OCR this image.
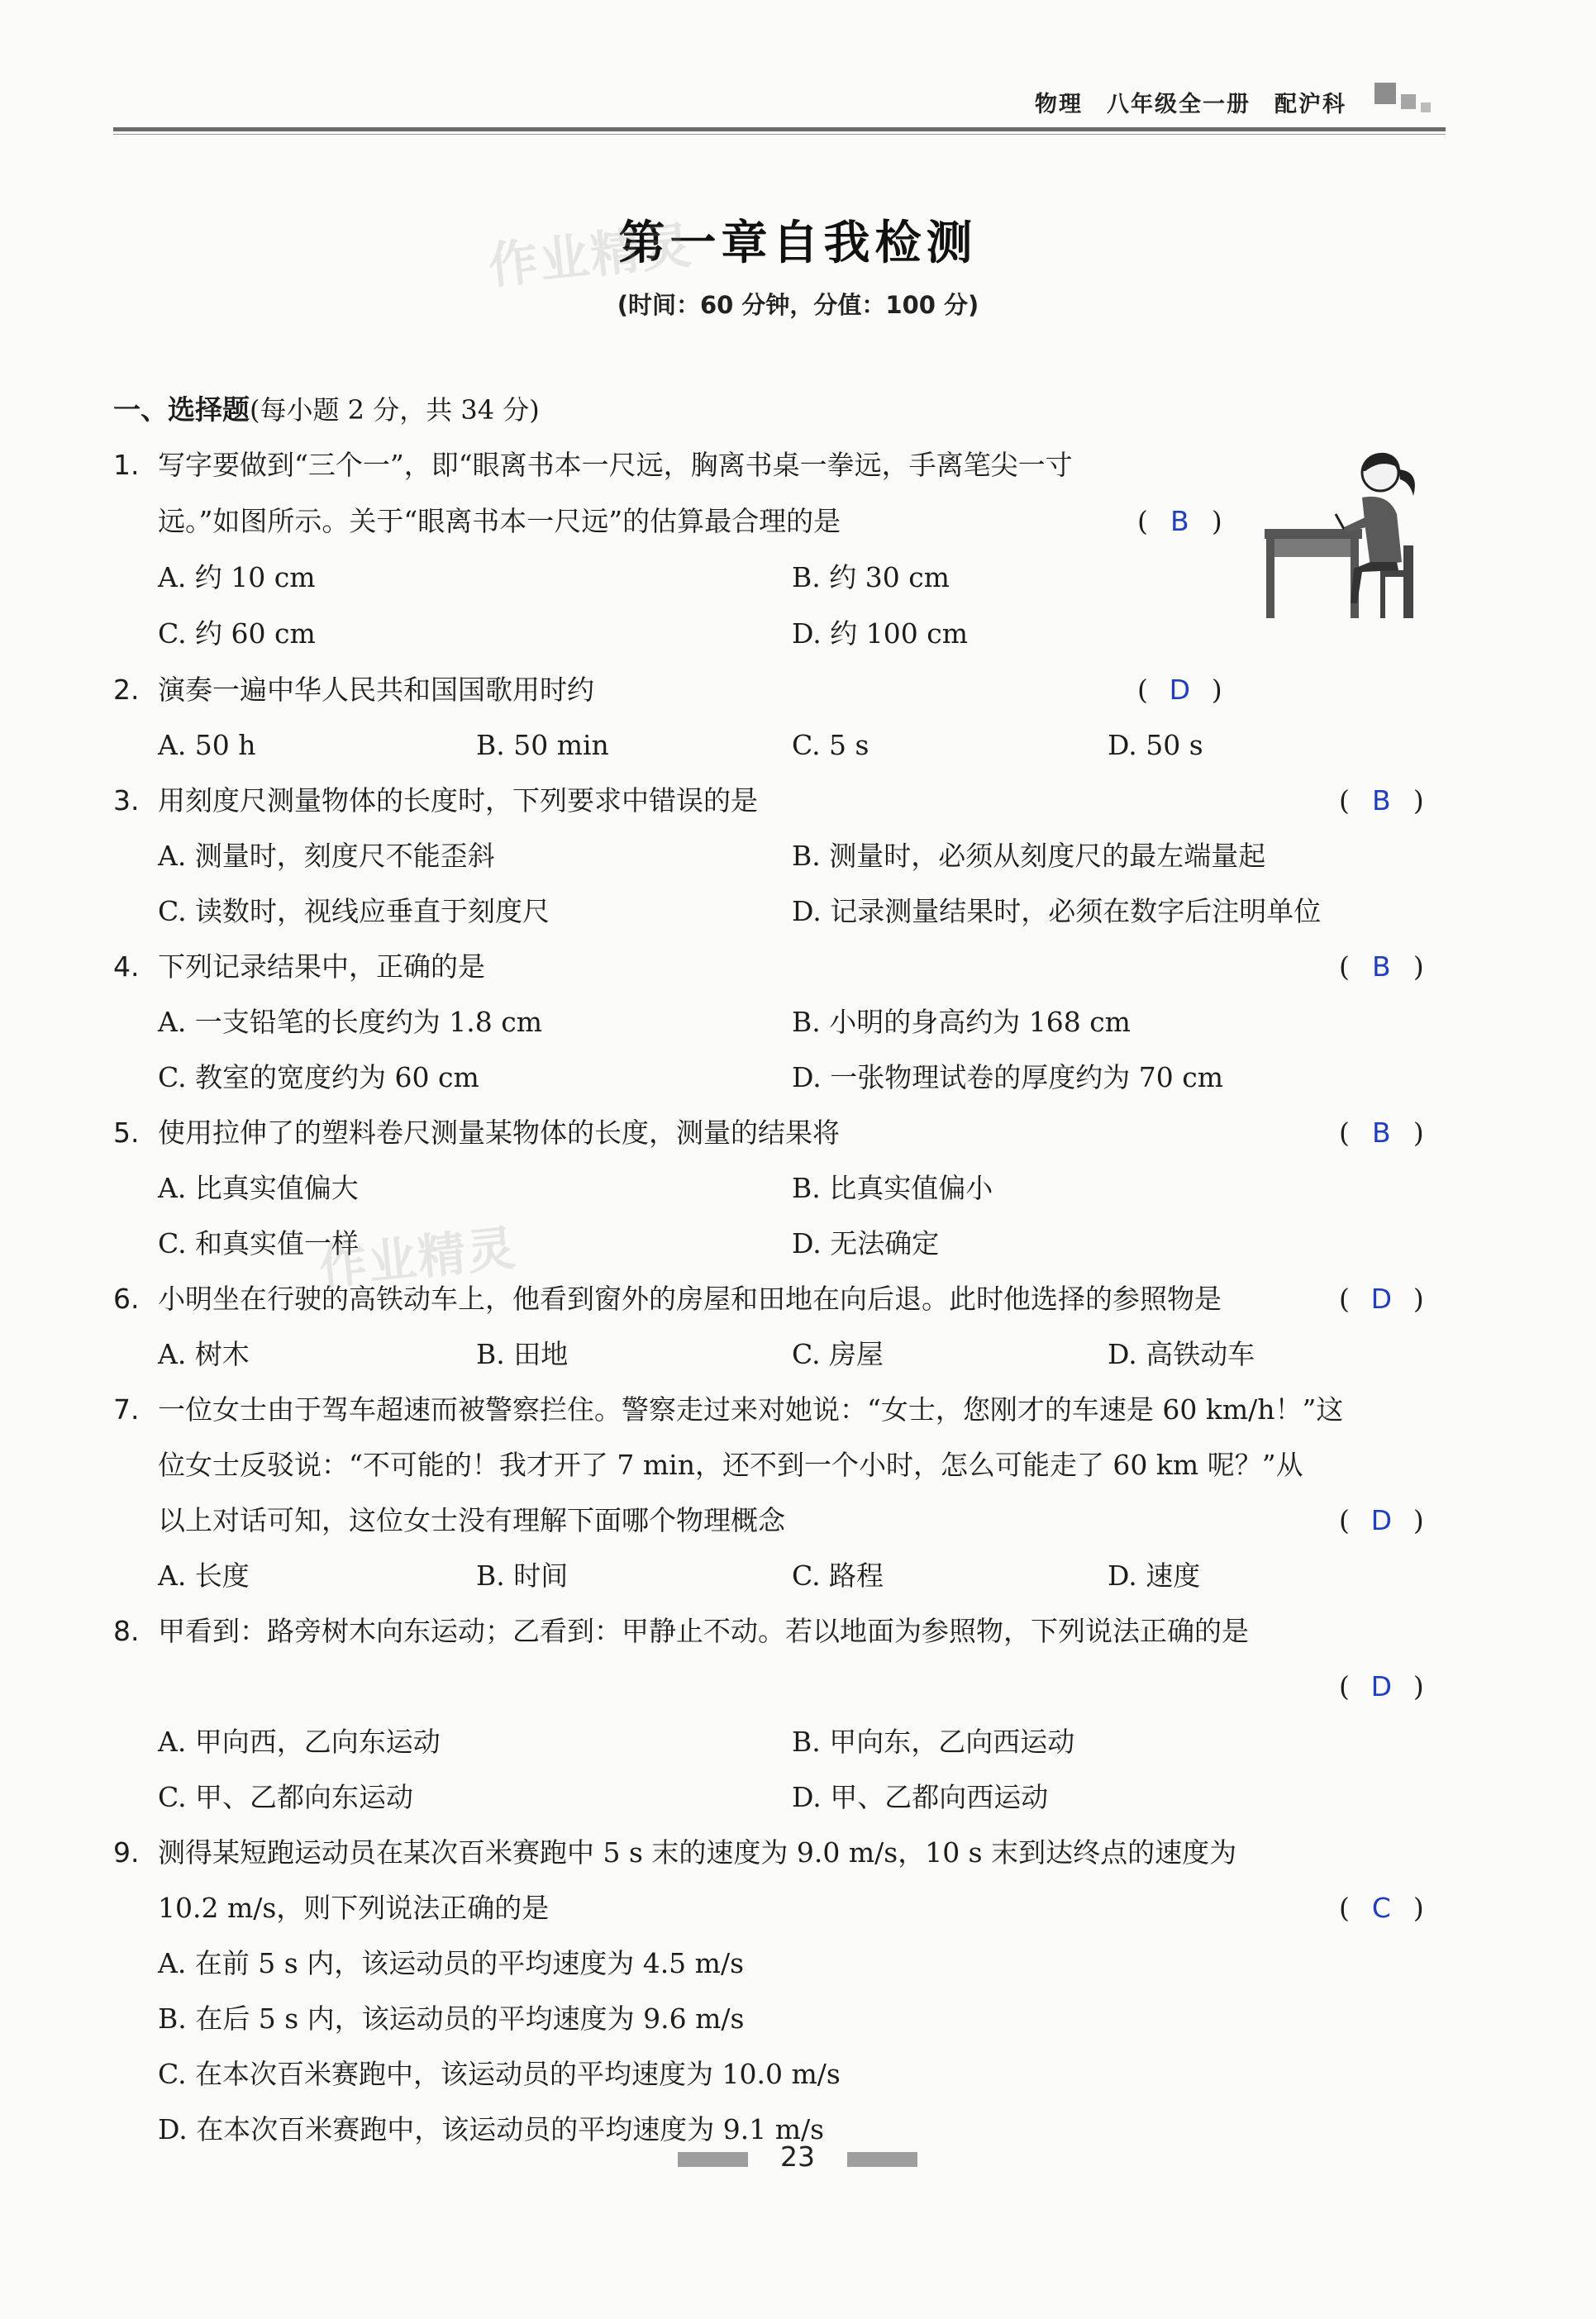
物理　八年级全一册　配沪科
第一章自我检测
(时间：60 分钟，分值：100 分)
作业精灵
作业精灵
一、选择题(每小题 2 分，共 34 分)
1. 写字要做到“三个一”，即“眼离书本一尺远，胸离书桌一拳远，手离笔尖一寸
远。”如图所示。关于“眼离书本一尺远”的估算最合理的是	( B )
A. 约 10 cm	B. 约 30 cm
C. 约 60 cm	D. 约 100 cm
2. 演奏一遍中华人民共和国国歌用时约	( D )
A. 50 h	B. 50 min	C. 5 s	D. 50 s
3. 用刻度尺测量物体的长度时，下列要求中错误的是	( B )
A. 测量时，刻度尺不能歪斜	B. 测量时，必须从刻度尺的最左端量起
C. 读数时，视线应垂直于刻度尺	D. 记录测量结果时，必须在数字后注明单位
4. 下列记录结果中，正确的是	( B )
A. 一支铅笔的长度约为 1.8 cm	B. 小明的身高约为 168 cm
C. 教室的宽度约为 60 cm	D. 一张物理试卷的厚度约为 70 cm
5. 使用拉伸了的塑料卷尺测量某物体的长度，测量的结果将	( B )
A. 比真实值偏大	B. 比真实值偏小
C. 和真实值一样	D. 无法确定
6. 小明坐在行驶的高铁动车上，他看到窗外的房屋和田地在向后退。此时他选择的参照物是	( D )
A. 树木	B. 田地	C. 房屋	D. 高铁动车
7. 一位女士由于驾车超速而被警察拦住。警察走过来对她说：“女士，您刚才的车速是 60 km/h！”这
位女士反驳说：“不可能的！我才开了 7 min，还不到一个小时，怎么可能走了 60 km 呢？”从
以上对话可知，这位女士没有理解下面哪个物理概念	( D )
A. 长度	B. 时间	C. 路程	D. 速度
8. 甲看到：路旁树木向东运动；乙看到：甲静止不动。若以地面为参照物，下列说法正确的是
( D )
A. 甲向西，乙向东运动	B. 甲向东，乙向西运动
C. 甲、乙都向东运动	D. 甲、乙都向西运动
9. 测得某短跑运动员在某次百米赛跑中 5 s 末的速度为 9.0 m/s，10 s 末到达终点的速度为
10.2 m/s，则下列说法正确的是	( C )
A. 在前 5 s 内，该运动员的平均速度为 4.5 m/s
B. 在后 5 s 内，该运动员的平均速度为 9.6 m/s
C. 在本次百米赛跑中，该运动员的平均速度为 10.0 m/s
D. 在本次百米赛跑中，该运动员的平均速度为 9.1 m/s
23
